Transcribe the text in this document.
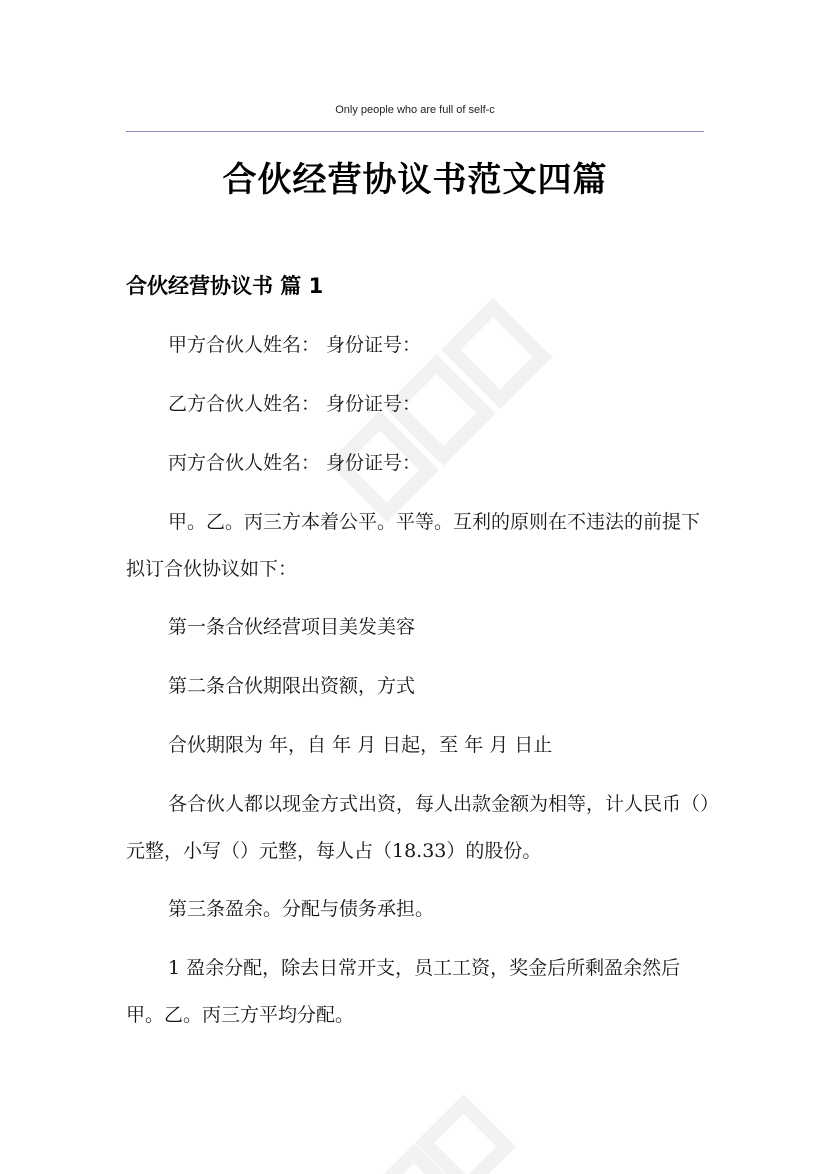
Only people who are full of self-c
合伙经营协议书范文四篇
合伙经营协议书 篇 1

甲方合伙人姓名： 身份证号：

乙方合伙人姓名： 身份证号：

丙方合伙人姓名： 身份证号：

甲。乙。丙三方本着公平。平等。互利的原则在不违法的前提下拟订合伙协议如下：

第一条合伙经营项目美发美容

第二条合伙期限出资额，方式

合伙期限为 年，自 年 月 日起，至 年 月 日止

各合伙人都以现金方式出资，每人出款金额为相等，计人民币（）元整，小写（）元整，每人占（18.33）的股份。

第三条盈余。分配与债务承担。

1 盈余分配，除去日常开支，员工工资，奖金后所剩盈余然后甲。乙。丙三方平均分配。
